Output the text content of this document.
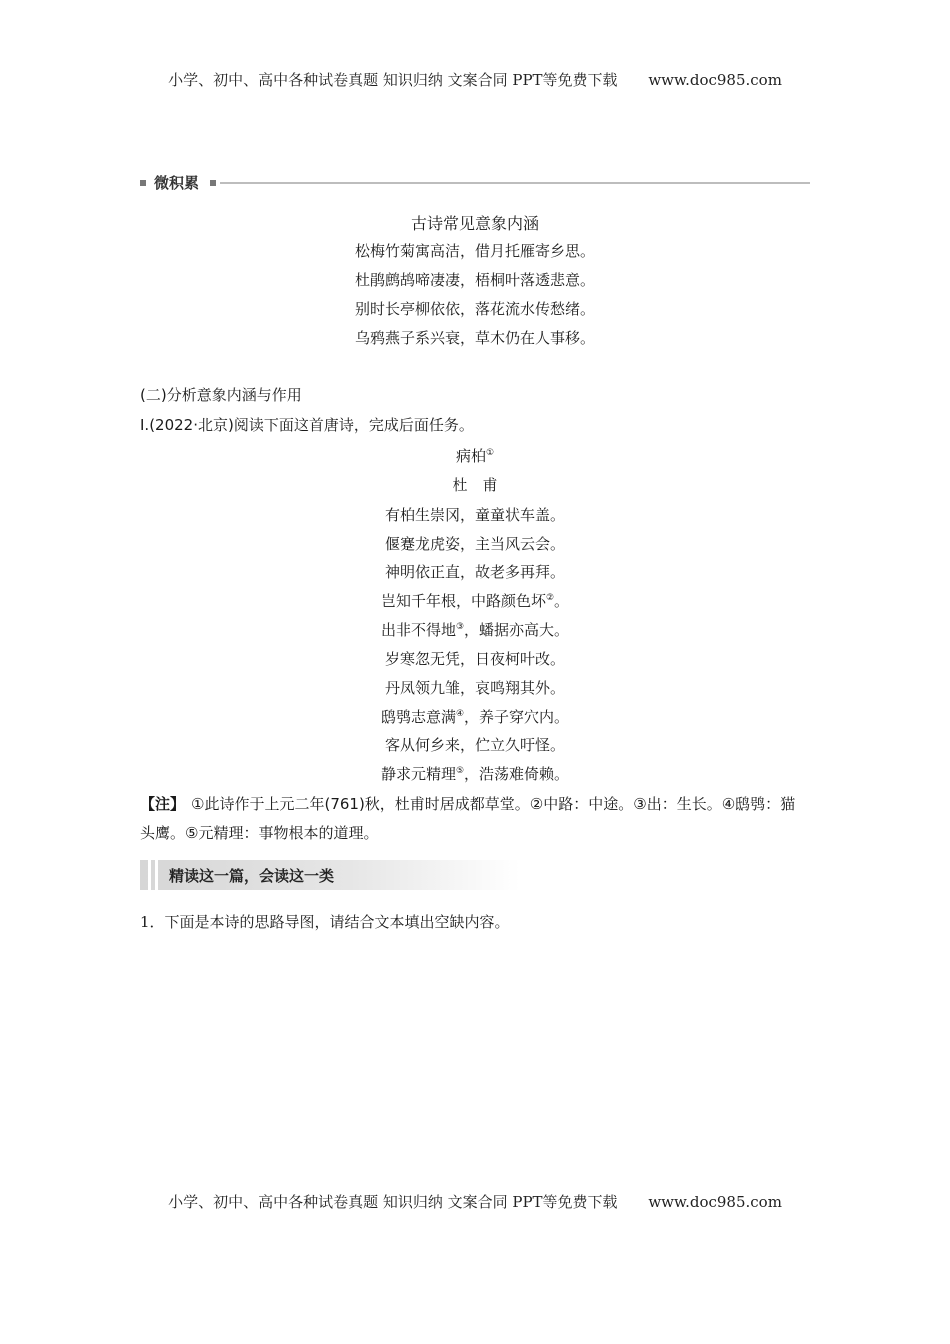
小学、初中、高中各种试卷真题 知识归纳 文案合同 PPT等免费下载 www.doc985.com
微积累
古诗常见意象内涵
松梅竹菊寓高洁，借月托雁寄乡思。
杜鹃鹧鸪啼凄凄，梧桐叶落透悲意。
别时长亭柳依依，落花流水传愁绪。
乌鸦燕子系兴衰，草木仍在人事移。
(二)分析意象内涵与作用
Ⅰ.(2022·北京)阅读下面这首唐诗，完成后面任务。
病柏①
杜　甫
有柏生崇冈，童童状车盖。
偃蹇龙虎姿，主当风云会。
神明依正直，故老多再拜。
岂知千年根，中路颜色坏②。
出非不得地③，蟠据亦高大。
岁寒忽无凭，日夜柯叶改。
丹凤领九雏，哀鸣翔其外。
鸱鸮志意满④，养子穿穴内。
客从何乡来，伫立久吁怪。
静求元精理⑤，浩荡难倚赖。
【注】 ①此诗作于上元二年(761)秋，杜甫时居成都草堂。②中路：中途。③出：生长。④鸱鸮：猫头鹰。⑤元精理：事物根本的道理。
精读这一篇，会读这一类
1．下面是本诗的思路导图，请结合文本填出空缺内容。
小学、初中、高中各种试卷真题 知识归纳 文案合同 PPT等免费下载 www.doc985.com
